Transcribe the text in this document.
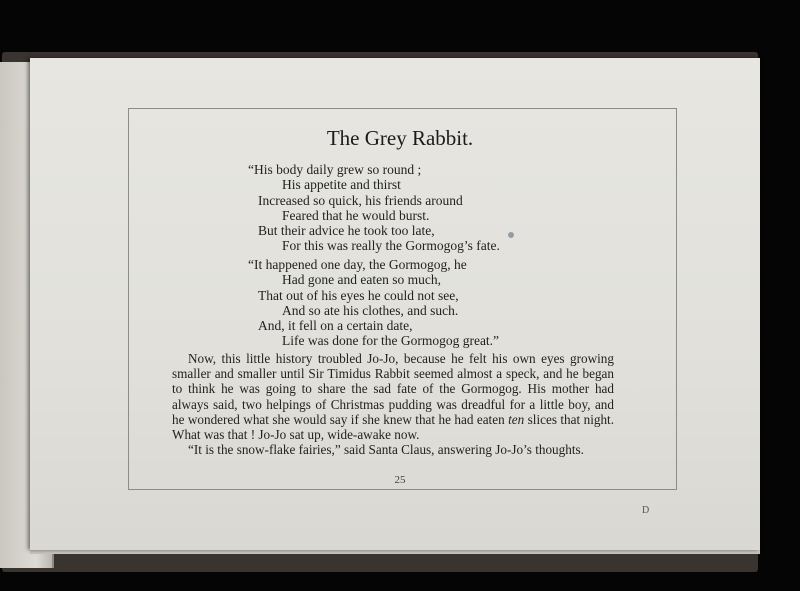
The Grey Rabbit.
“His body daily grew so round ;
His appetite and thirst
Increased so quick, his friends around
Feared that he would burst.
But their advice he took too late,
For this was really the Gormogog’s fate.
“It happened one day, the Gormogog, he
Had gone and eaten so much,
That out of his eyes he could not see,
And so ate his clothes, and such.
And, it fell on a certain date,
Life was done for the Gormogog great.”

Now, this little history troubled Jo-Jo, because he felt his own eyes growing smaller and smaller until Sir Timidus Rabbit seemed almost a speck, and he began to think he was going to share the sad fate of the Gormogog. His mother had always said, two helpings of Christmas pudding was dreadful for a little boy, and he wondered what she would say if she knew that he had eaten ten slices that night. What was that ! Jo-Jo sat up, wide-awake now.

“It is the snow-flake fairies,” said Santa Claus, answering Jo-Jo’s thoughts.

25
D
